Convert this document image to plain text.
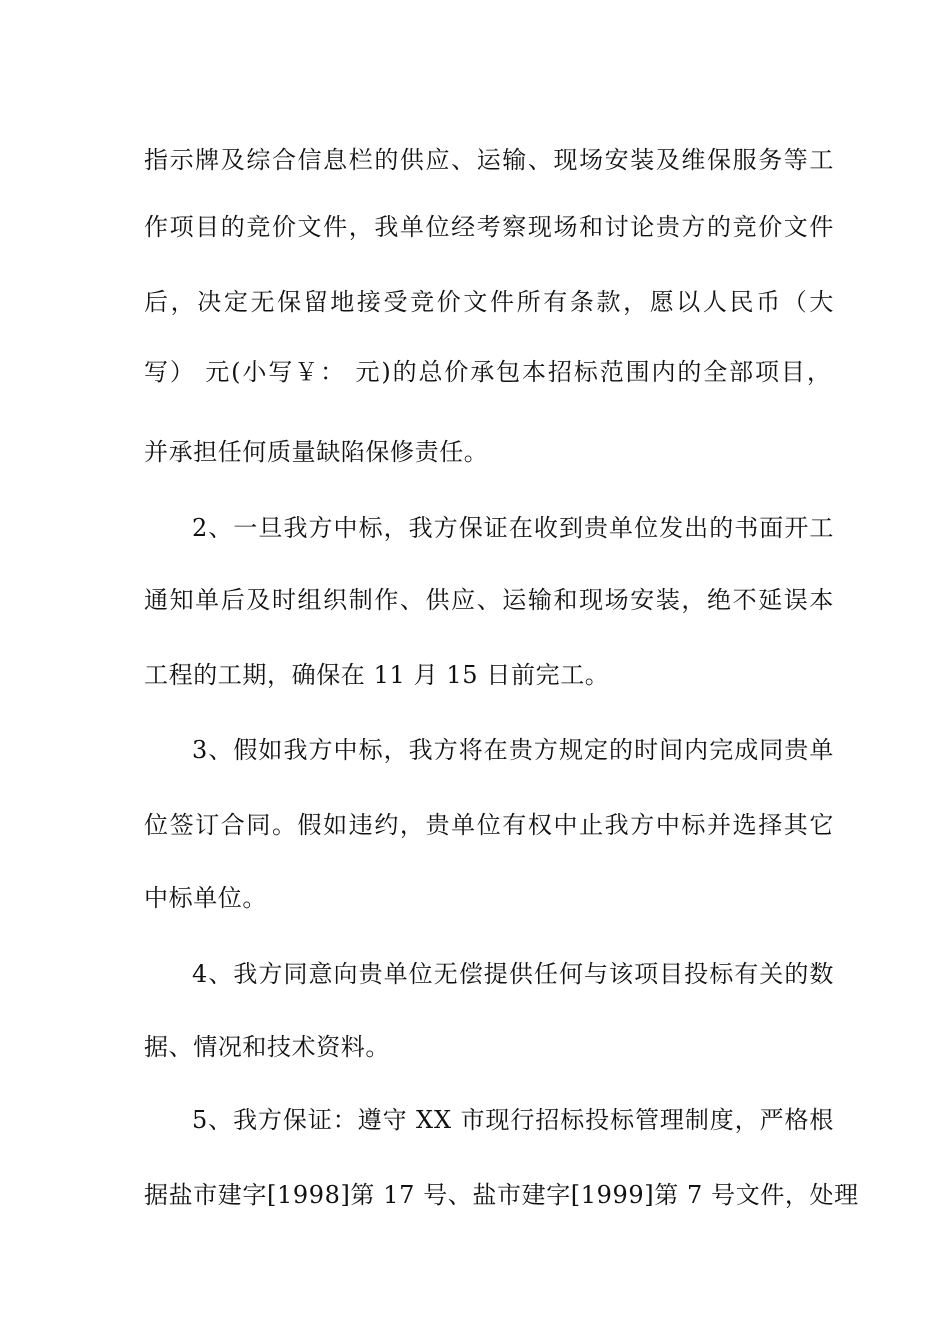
指示牌及综合信息栏的供应、运输、现场安装及维保服务等工
作项目的竞价文件，我单位经考察现场和讨论贵方的竞价文件
后，决定无保留地接受竞价文件所有条款，愿以人民币（大
写） 元(小写￥： 元)的总价承包本招标范围内的全部项目，
并承担任何质量缺陷保修责任。
2、一旦我方中标，我方保证在收到贵单位发出的书面开工
通知单后及时组织制作、供应、运输和现场安装，绝不延误本
工程的工期，确保在 11 月 15 日前完工。
3、假如我方中标，我方将在贵方规定的时间内完成同贵单
位签订合同。假如违约，贵单位有权中止我方中标并选择其它
中标单位。
4、我方同意向贵单位无偿提供任何与该项目投标有关的数
据、情况和技术资料。
5、我方保证：遵守 XX 市现行招标投标管理制度，严格根
据盐市建字[1998]第 17 号、盐市建字[1999]第 7 号文件，处理
